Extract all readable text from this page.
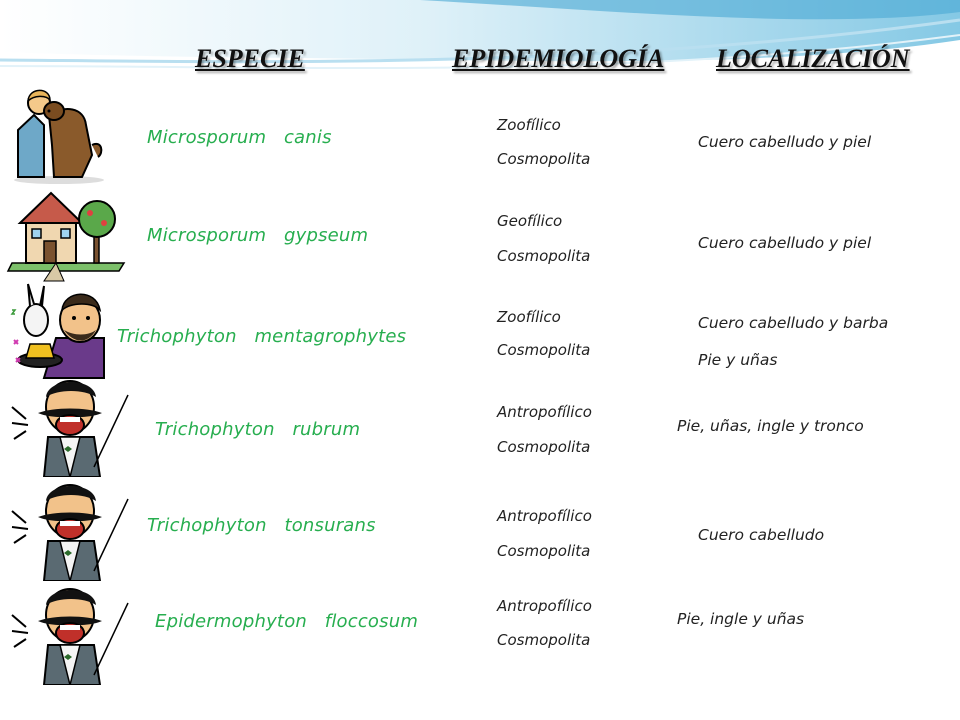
ESPECIE	EPIDEMIOLOGÍA LOCALIZACIÓN
Microsporum   canis
Zoofílico
Cosmopolita
Cuero cabelludo y piel
Microsporum   gypseum
Geofílico
Cosmopolita
Cuero cabelludo y piel
Trichophyton   mentagrophytes
Zoofílico
Cosmopolita
Cuero cabelludo y barba
Pie y uñas
Trichophyton   rubrum
Antropofílico
Cosmopolita
Pie, uñas, ingle y tronco
Trichophyton   tonsurans	Antropofílico
Cosmopolita
Cuero cabelludo
Epidermophyton   floccosum
Antropofílico
Cosmopolita
Pie, ingle y uñas
